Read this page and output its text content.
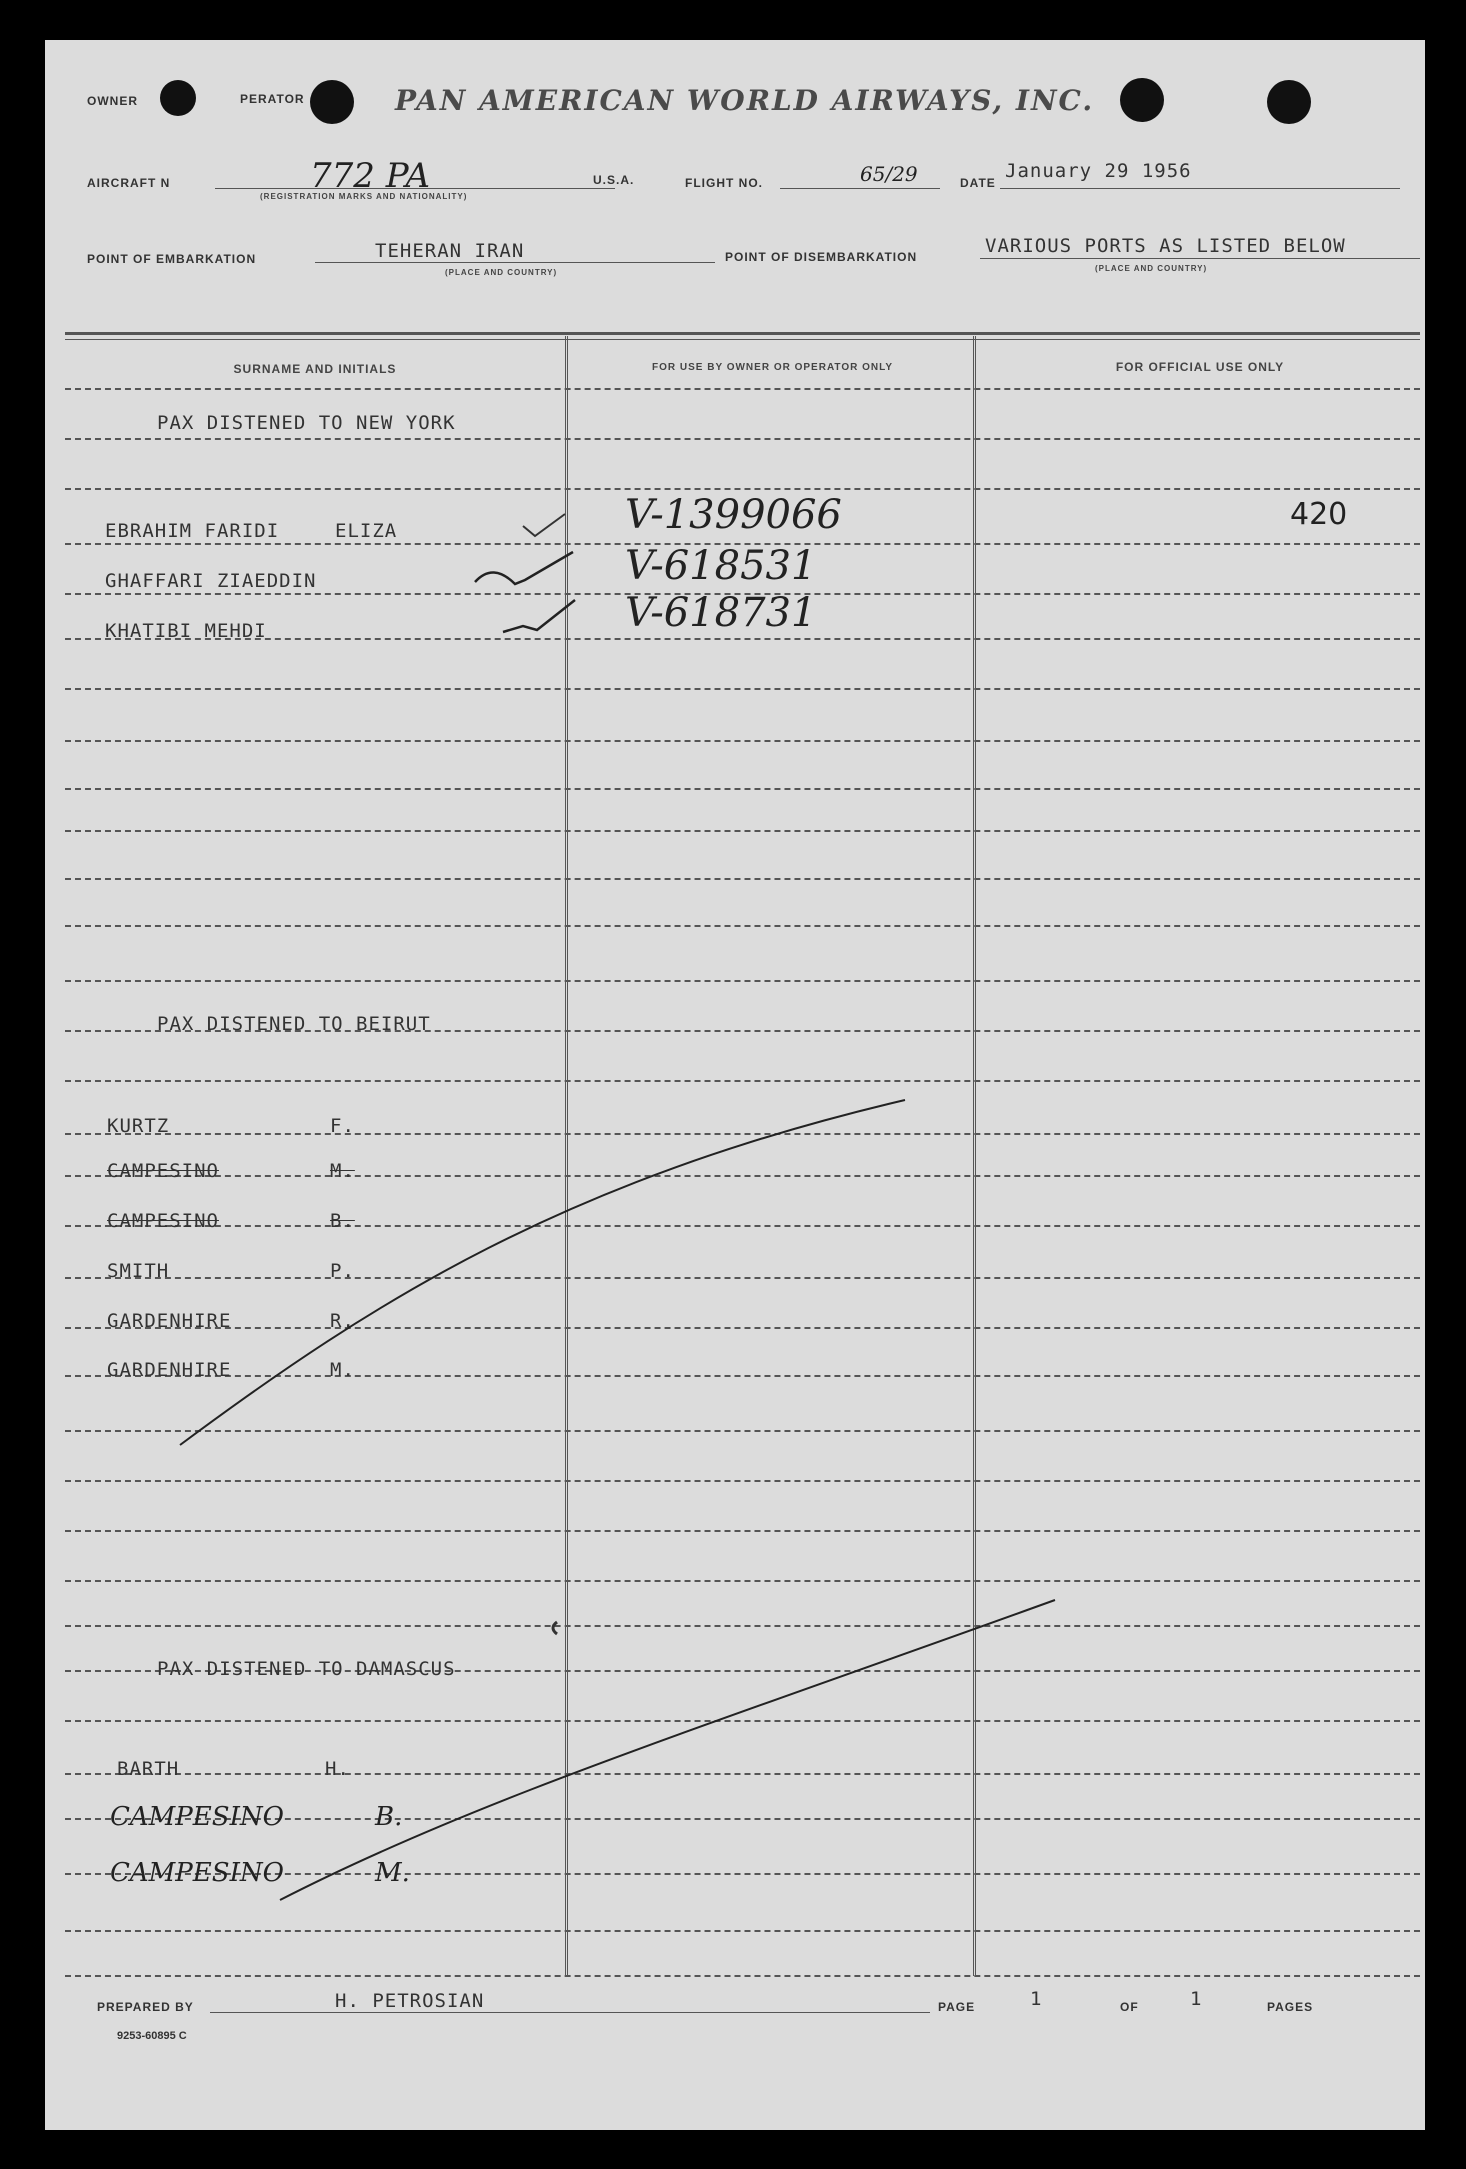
OWNER	PERATOR	PAN AMERICAN WORLD AIRWAYS, INC.
AIRCRAFT N	772 PA
(REGISTRATION MARKS AND NATIONALITY)
U.S.A.	FLIGHT NO.	65/29	DATE
January 29 1956
POINT OF EMBARKATION	TEHERAN IRAN
(PLACE AND COUNTRY)
POINT OF DISEMBARKATION	VARIOUS PORTS AS LISTED BELOW
(PLACE AND COUNTRY)
SURNAME AND INITIALS	FOR USE BY OWNER OR OPERATOR ONLY	FOR OFFICIAL USE ONLY
PAX DISTENED TO NEW YORK
EBRAHIM FARIDI	ELIZA	V-1399066	420
GHAFFARI ZIAEDDIN	V-618531
KHATIBI MEHDI	V-618731
PAX DISTENED TO BEIRUT
KURTZ	F.
CAMPESINO	M.
CAMPESINO	B.
SMITH	P.
GARDENHIRE	R.
GARDENHIRE	M.
PAX DISTENED TO DAMASCUS
BARTH	H.
CAMPESINO	B.
CAMPESINO	M.
PREPARED BY	H. PETROSIAN	PAGE	1	OF	1	PAGES
9253-60895 C
